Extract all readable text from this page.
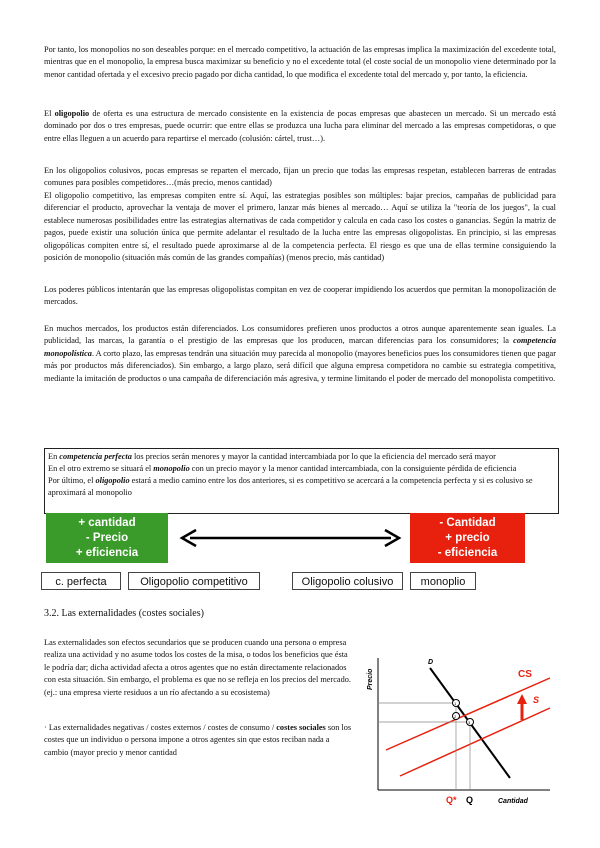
Por tanto, los monopolios no son deseables porque: en el mercado competitivo, la actuación de las empresas implica la maximización del excedente total, mientras que en el monopolio, la empresa busca maximizar su beneficio y no el excedente total (el coste social de un monopolio viene determinado por la menor cantidad ofertada y el excesivo precio pagado por dicha cantidad, lo que modifica el excedente total del mercado y, por tanto, la eficiencia.

El oligopolio de oferta es una estructura de mercado consistente en la existencia de pocas empresas que abastecen un mercado. Si un mercado está dominado por dos o tres empresas, puede ocurrir: que entre ellas se produzca una lucha para eliminar del mercado a las empresas competidoras, o que entre ellas lleguen a un acuerdo para repartirse el mercado (colusión: cártel, trust…).

En los oligopolios colusivos, pocas empresas se reparten el mercado, fijan un precio que todas las empresas respetan, establecen barreras de entradas comunes para posibles competidores…(más precio, menos cantidad)

El oligopolio competitivo, las empresas compiten entre sí. Aquí, las estrategias posibles son múltiples: bajar precios, campañas de publicidad para diferenciar el producto, aprovechar la ventaja de mover el primero, lanzar más bienes al mercado… Aquí se utiliza la "teoría de los juegos", la cual establece numerosas posibilidades entre las estrategias alternativas de cada competidor y calcula en cada caso los costes o ganancias. Según la matriz de pagos, puede existir una solución única que permite adelantar el resultado de la lucha entre las empresas oligopolistas. En principio, si las empresas oligopólicas compiten entre sí, el resultado puede aproximarse al de la competencia perfecta. El riesgo es que una de ellas termine consiguiendo la posición de monopolio (situación más común de las grandes compañías) (menos precio, más cantidad)

Los poderes públicos intentarán que las empresas oligopolistas compitan en vez de cooperar impidiendo los acuerdos que permitan la monopolización de mercados.

En muchos mercados, los productos están diferenciados. Los consumidores prefieren unos productos a otros aunque aparentemente sean iguales. La publicidad, las marcas, la garantía o el prestigio de las empresas que los producen, marcan diferencias para los consumidores; la competencia monopolística. A corto plazo, las empresas tendrán una situación muy parecida al monopolio (mayores beneficios pues los consumidores tienen que pagar más por productos más diferenciados). Sin embargo, a largo plazo, será difícil que alguna empresa competidora no cambie su estrategia competitiva, mediante la imitación de productos o una campaña de diferenciación más agresiva, y termine limitando el poder de mercado del monopolista competitivo.

En competencia perfecta los precios serán menores y mayor la cantidad intercambiada por lo que la eficiencia del mercado será mayor
En el otro extremo se situará el monopolio con un precio mayor y la menor cantidad intercambiada, con la consiguiente pérdida de eficiencia
Por último, el oligopolio estará a medio camino entre los dos anteriores, si es competitivo se acercará a la competencia perfecta y si es colusivo se aproximará al monopolio
+ cantidad
- Precio
+ eficiencia
- Cantidad
+ precio
- eficiencia
c. perfecta	Oligopolio competitivo	Oligopolio colusivo	monoplio
3.2. Las externalidades (costes sociales)

Las externalidades son efectos secundarios que se producen cuando una persona o empresa realiza una actividad y no asume todos los costes de la misa, o todos los beneficios que ésta le podría dar; dicha actividad afecta a otros agentes que no están directamente relacionados con esta situación. Sin embargo, el problema es que no se refleja en los precios del mercado. (ej.: una empresa vierte residuos a un río afectando a su ecosistema)

· Las externalidades negativas / costes externos / costes de consumo / costes sociales son los costes que un individuo o persona impone a otros agentes sin que estos reciban nada a cambio (mayor precio y menor cantidad

Precio
Cantidad
D
CS
S
1
2
3
Q* Q
